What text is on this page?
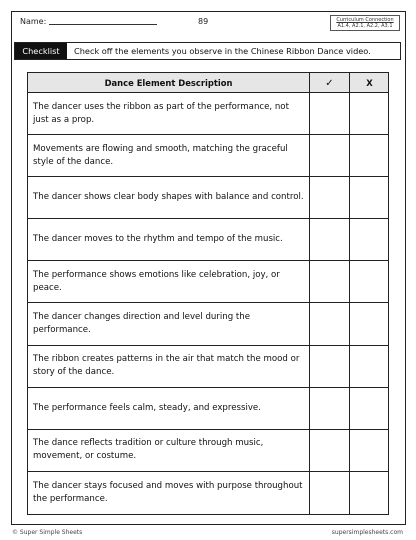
Name:	89	Curriculum Connection
A1.4, A2.1, A2.2, A3.1
Checklist	Check off the elements you observe in the Chinese Ribbon Dance video.
Dance Element Description	✓	X
The dancer uses the ribbon as part of the performance, not just as a prop.
Movements are flowing and smooth, matching the graceful style of the dance.
The dancer shows clear body shapes with balance and control.
The dancer moves to the rhythm and tempo of the music.
The performance shows emotions like celebration, joy, or peace.
The dancer changes direction and level during the performance.
The ribbon creates patterns in the air that match the mood or story of the dance.
The performance feels calm, steady, and expressive.
The dance reflects tradition or culture through music, movement, or costume.
The dancer stays focused and moves with purpose throughout the performance.
© Super Simple Sheets	supersimplesheets.com
